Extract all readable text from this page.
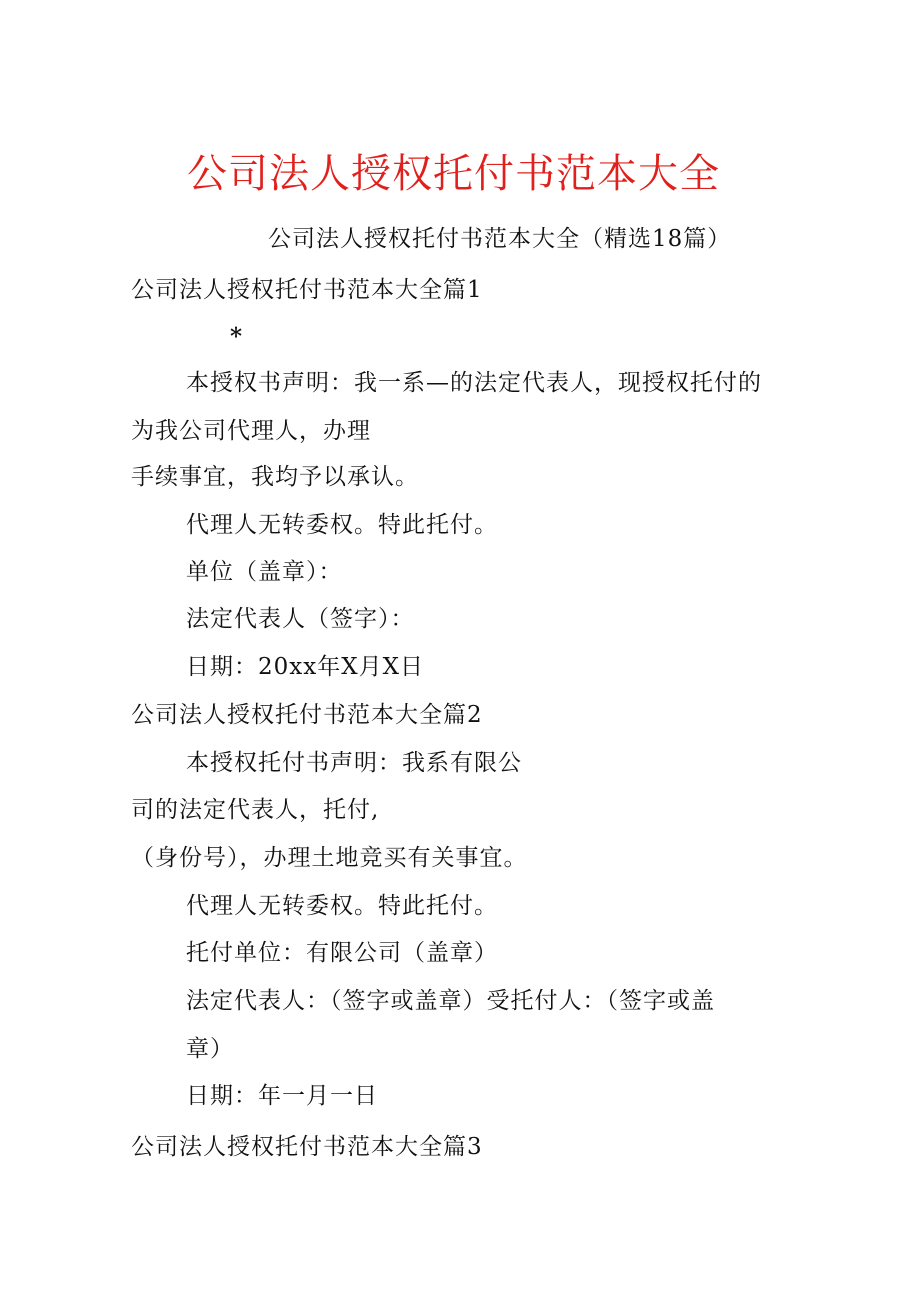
公司法人授权托付书范本大全
公司法人授权托付书范本大全（精选18篇）
公司法人授权托付书范本大全篇1
*
本授权书声明：我一系—的法定代表人，现授权托付的
为我公司代理人，办理
手续事宜，我均予以承认。
代理人无转委权。特此托付。
单位（盖章）：
法定代表人（签字）：
日期：20xx年X月X日
公司法人授权托付书范本大全篇2
本授权托付书声明：我系有限公
司的法定代表人，托付,
（身份号），办理土地竞买有关事宜。
代理人无转委权。特此托付。
托付单位：有限公司（盖章）
法定代表人：（签字或盖章）受托付人：（签字或盖
章）
日期：年一月一日
公司法人授权托付书范本大全篇3
